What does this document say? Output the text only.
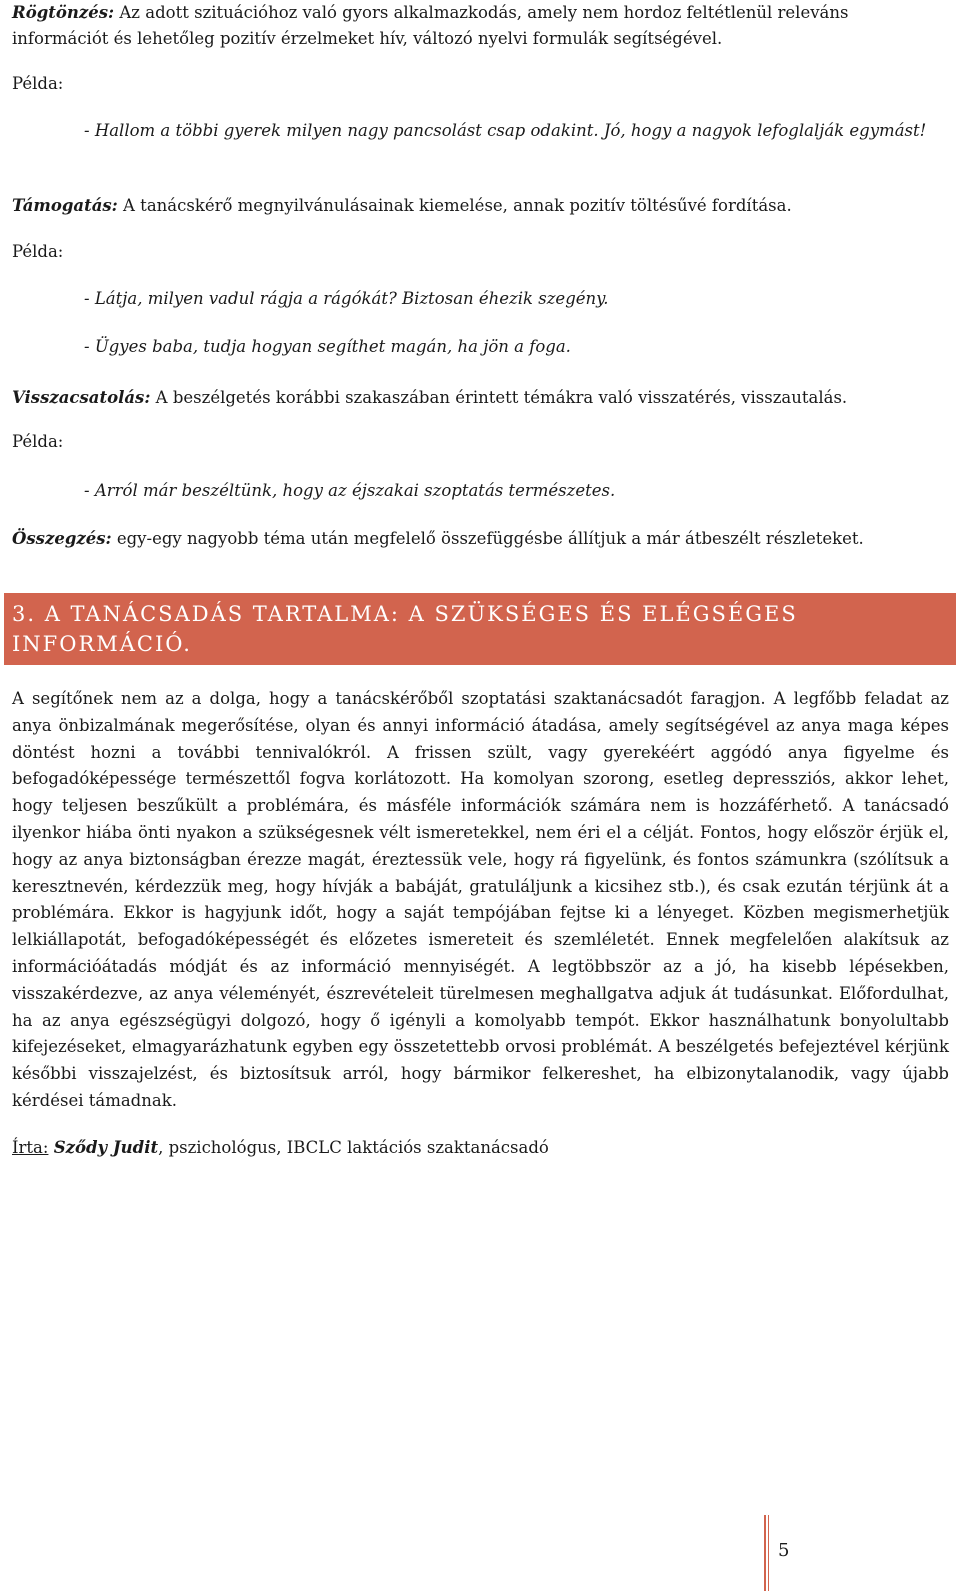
Rögtönzés: Az adott szituációhoz való gyors alkalmazkodás, amely nem hordoz feltétlenül releváns információt és lehetőleg pozitív érzelmeket hív, változó nyelvi formulák segítségével.

Példa:

- Hallom a többi gyerek milyen nagy pancsolást csap odakint. Jó, hogy a nagyok lefoglalják egymást!

Támogatás: A tanácskérő megnyilvánulásainak kiemelése, annak pozitív töltésűvé fordítása.

Példa:

- Látja, milyen vadul rágja a rágókát? Biztosan éhezik szegény.

- Ügyes baba, tudja hogyan segíthet magán, ha jön a foga.

Visszacsatolás: A beszélgetés korábbi szakaszában érintett témákra való visszatérés, visszautalás.

Példa:

- Arról már beszéltünk, hogy az éjszakai szoptatás természetes.

Összegzés: egy-egy nagyobb téma után megfelelő összefüggésbe állítjuk a már átbeszélt részleteket.

3. A TANÁCSADÁS TARTALMA: A SZÜKSÉGES ÉS ELÉGSÉGES
INFORMÁCIÓ.

A segítőnek nem az a dolga, hogy a tanácskérőből szoptatási szaktanácsadót faragjon. A legfőbb feladat az anya önbizalmának megerősítése, olyan és annyi információ átadása, amely segítségével az anya maga képes döntést hozni a további tennivalókról. A frissen szült, vagy gyerekéért aggódó anya figyelme és befogadóképessége természettől fogva korlátozott. Ha komolyan szorong, esetleg depressziós, akkor lehet, hogy teljesen beszűkült a problémára, és másféle információk számára nem is hozzáférhető. A tanácsadó ilyenkor hiába önti nyakon a szükségesnek vélt ismeretekkel, nem éri el a célját. Fontos, hogy először érjük el, hogy az anya biztonságban érezze magát, éreztessük vele, hogy rá figyelünk, és fontos számunkra (szólítsuk a keresztnevén, kérdezzük meg, hogy hívják a babáját, gratuláljunk a kicsihez stb.), és csak ezután térjünk át a problémára. Ekkor is hagyjunk időt, hogy a saját tempójában fejtse ki a lényeget. Közben megismerhetjük lelkiállapotát, befogadóképességét és előzetes ismereteit és szemléletét. Ennek megfelelően alakítsuk az információátadás módját és az információ mennyiségét. A legtöbbször az a jó, ha kisebb lépésekben, visszakérdezve, az anya véleményét, észrevételeit türelmesen meghallgatva adjuk át tudásunkat. Előfordulhat, ha az anya egészségügyi dolgozó, hogy ő igényli a komolyabb tempót. Ekkor használhatunk bonyolultabb kifejezéseket, elmagyarázhatunk egyben egy összetettebb orvosi problémát. A beszélgetés befejeztével kérjünk későbbi visszajelzést, és biztosítsuk arról, hogy bármikor felkereshet, ha elbizonytalanodik, vagy újabb kérdései támadnak.

Írta: Sződy Judit, pszichológus, IBCLC laktációs szaktanácsadó

5
